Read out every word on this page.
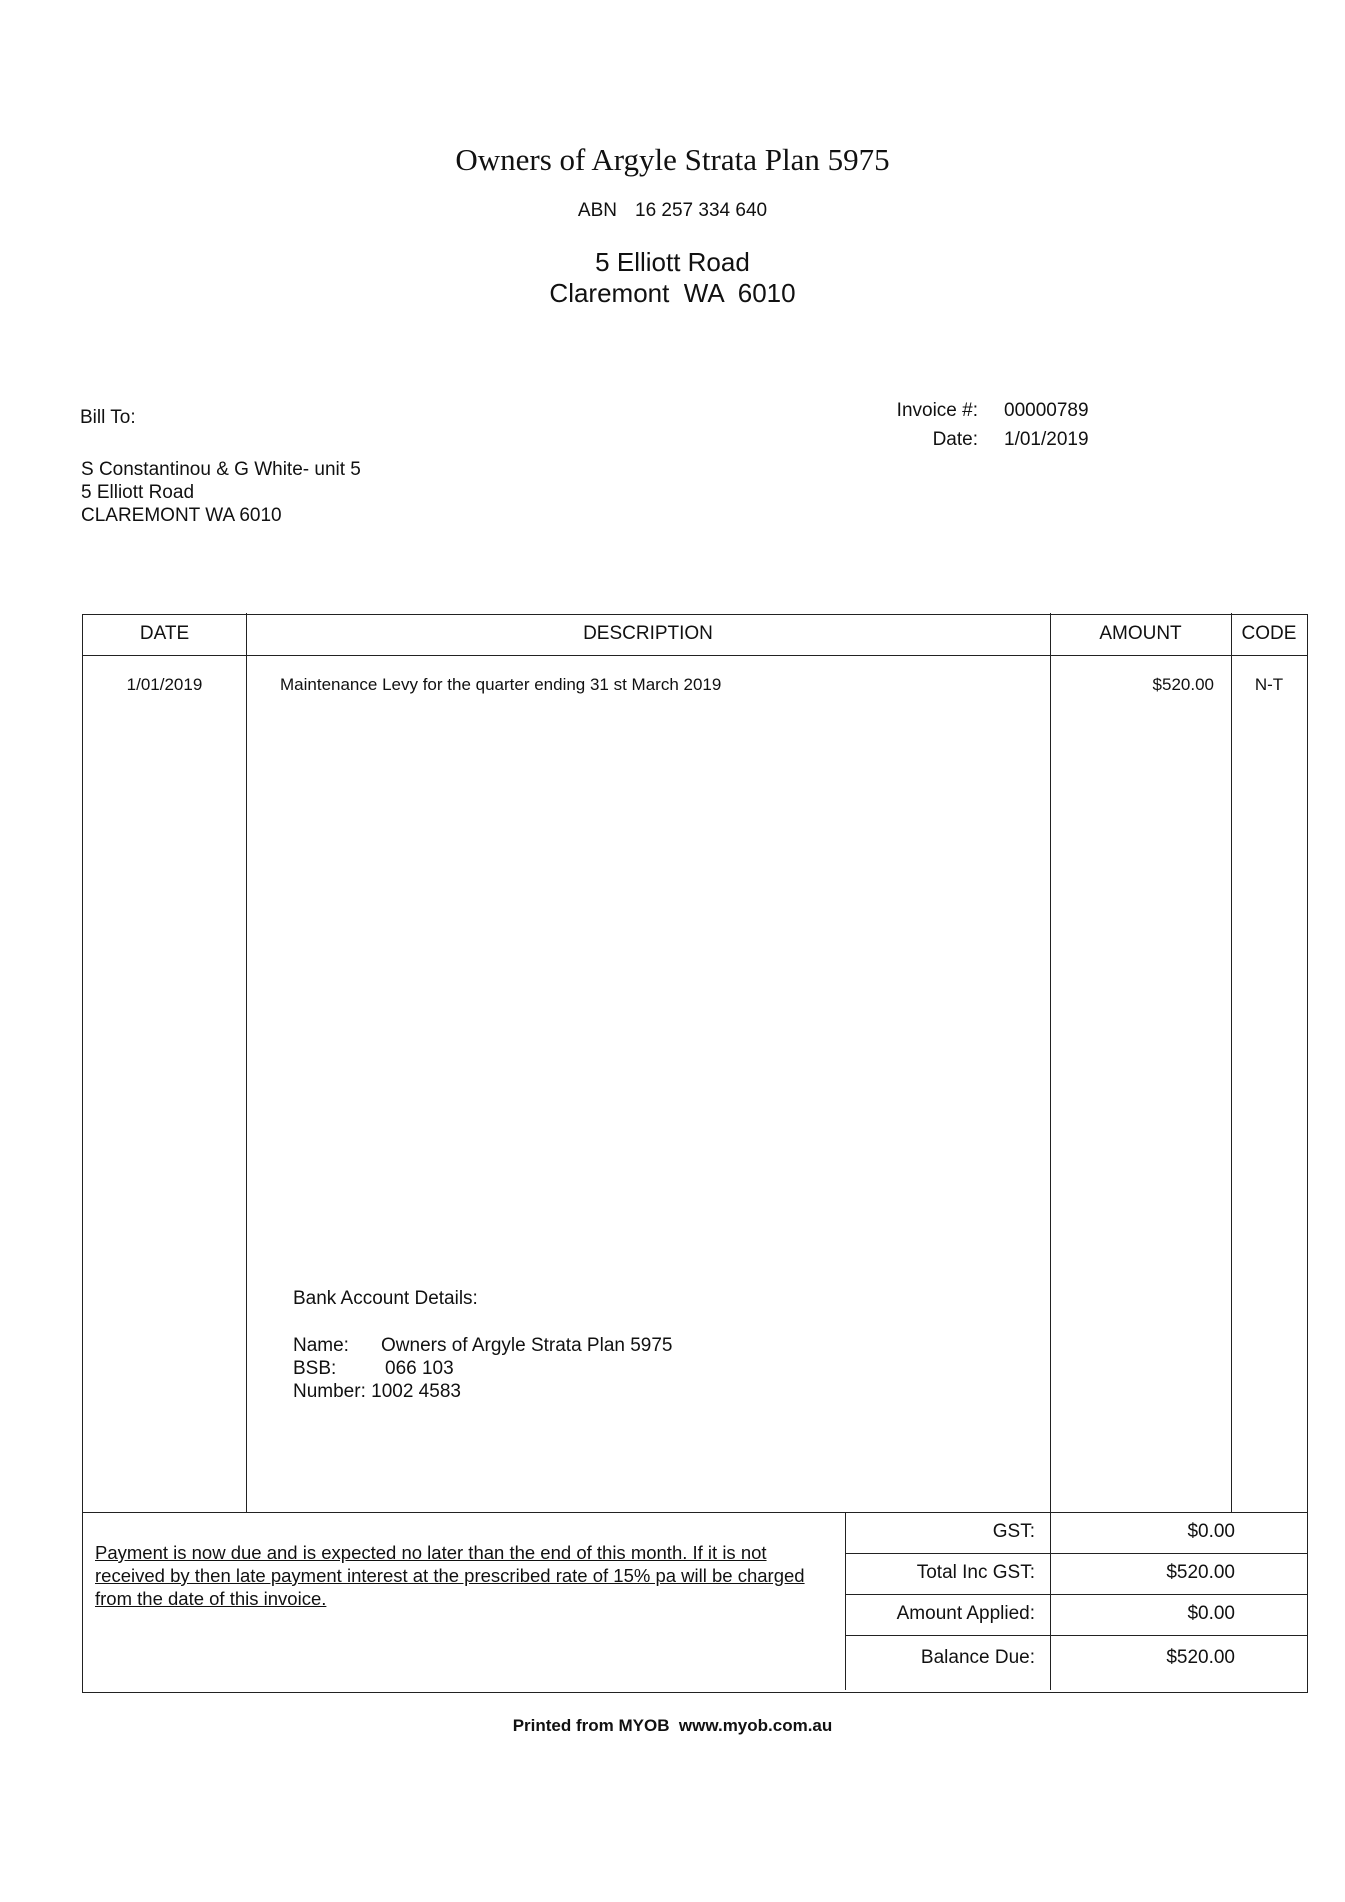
Owners of Argyle Strata Plan 5975
ABN 16 257 334 640
5 Elliott Road
Claremont  WA  6010
Bill To:
S Constantinou & G White- unit 5
5 Elliott Road
CLAREMONT WA 6010
Invoice #: 00000789
Date: 1/01/2019
DATE	DESCRIPTION	AMOUNT	CODE
1/01/2019	Maintenance Levy for the quarter ending 31 st March 2019	$520.00	N-T
Bank Account Details:
Name: Owners of Argyle Strata Plan 5975
BSB:	066 103
Number: 1002 4583
Payment is now due and is expected no later than the end of this month. If it is not received by then late payment interest at the prescribed rate of 15% pa will be charged from the date of this invoice.
GST:	$0.00
Total Inc GST:	$520.00
Amount Applied:	$0.00
Balance Due:	$520.00
Printed from MYOB  www.myob.com.au
